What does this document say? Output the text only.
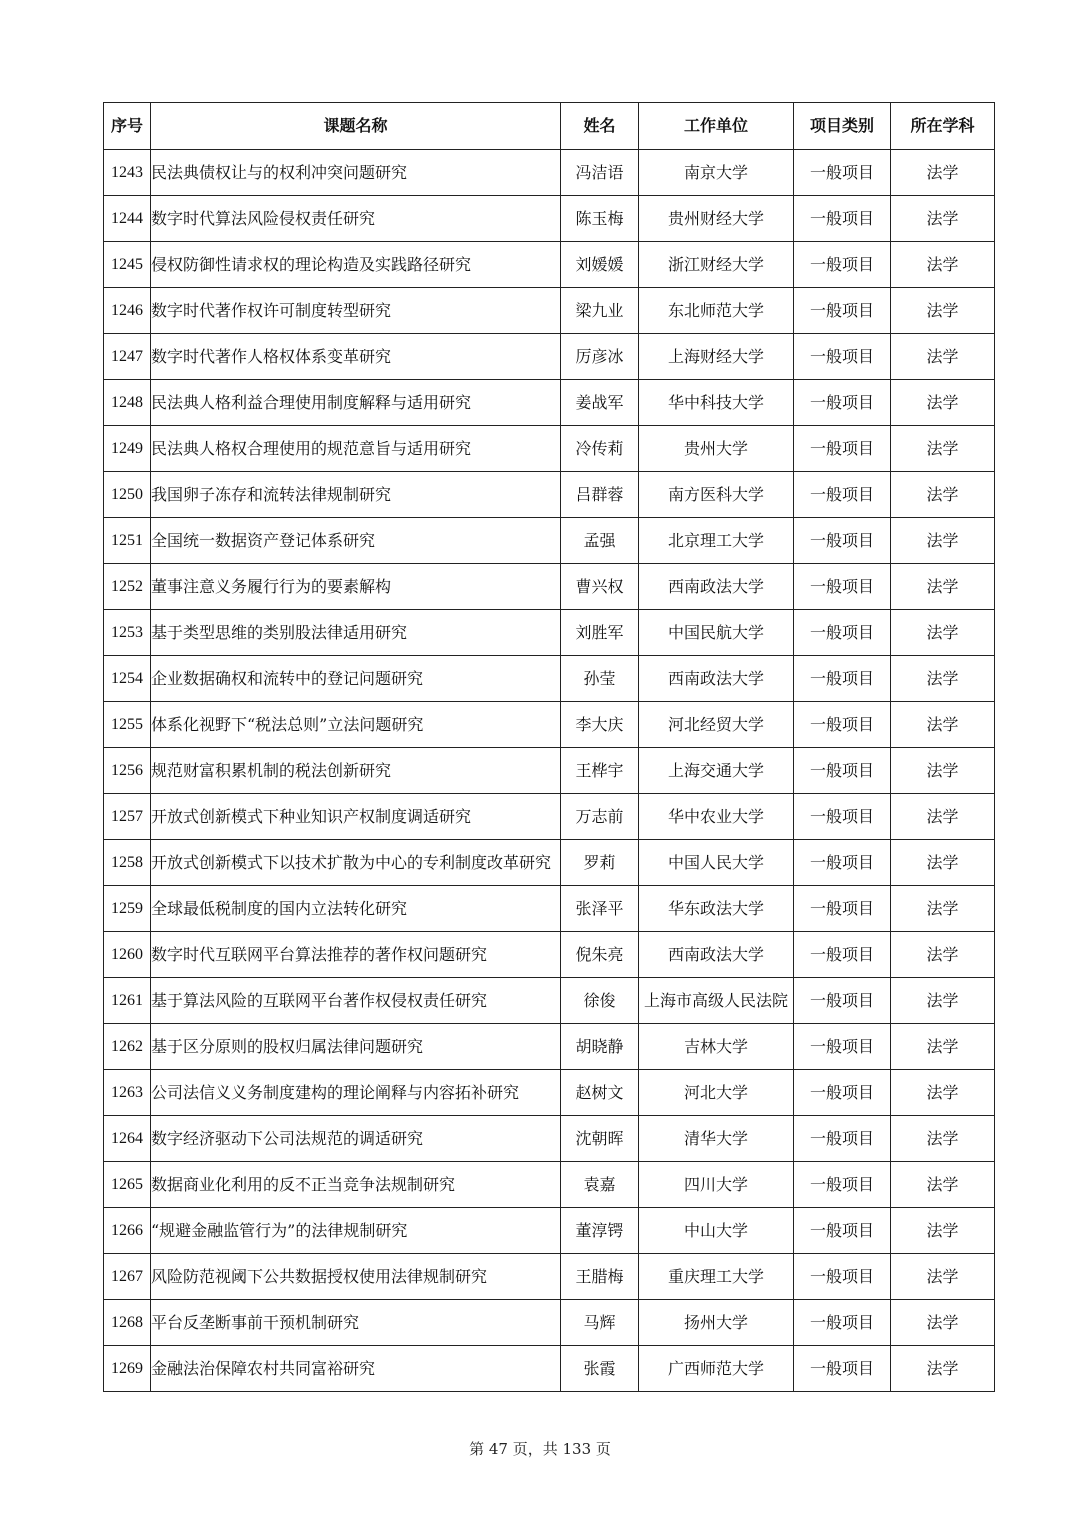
序号	课题名称	姓名	工作单位	项目类别	所在学科
1243	民法典债权让与的权利冲突问题研究	冯洁语	南京大学	一般项目	法学
1244	数字时代算法风险侵权责任研究	陈玉梅	贵州财经大学	一般项目	法学
1245	侵权防御性请求权的理论构造及实践路径研究	刘媛媛	浙江财经大学	一般项目	法学
1246	数字时代著作权许可制度转型研究	梁九业	东北师范大学	一般项目	法学
1247	数字时代著作人格权体系变革研究	厉彦冰	上海财经大学	一般项目	法学
1248	民法典人格利益合理使用制度解释与适用研究	姜战军	华中科技大学	一般项目	法学
1249	民法典人格权合理使用的规范意旨与适用研究	冷传莉	贵州大学	一般项目	法学
1250	我国卵子冻存和流转法律规制研究	吕群蓉	南方医科大学	一般项目	法学
1251	全国统一数据资产登记体系研究	孟强	北京理工大学	一般项目	法学
1252	董事注意义务履行行为的要素解构	曹兴权	西南政法大学	一般项目	法学
1253	基于类型思维的类别股法律适用研究	刘胜军	中国民航大学	一般项目	法学
1254	企业数据确权和流转中的登记问题研究	孙莹	西南政法大学	一般项目	法学
1255	体系化视野下“税法总则”立法问题研究	李大庆	河北经贸大学	一般项目	法学
1256	规范财富积累机制的税法创新研究	王桦宇	上海交通大学	一般项目	法学
1257	开放式创新模式下种业知识产权制度调适研究	万志前	华中农业大学	一般项目	法学
1258	开放式创新模式下以技术扩散为中心的专利制度改革研究	罗莉	中国人民大学	一般项目	法学
1259	全球最低税制度的国内立法转化研究	张泽平	华东政法大学	一般项目	法学
1260	数字时代互联网平台算法推荐的著作权问题研究	倪朱亮	西南政法大学	一般项目	法学
1261	基于算法风险的互联网平台著作权侵权责任研究	徐俊	上海市高级人民法院	一般项目	法学
1262	基于区分原则的股权归属法律问题研究	胡晓静	吉林大学	一般项目	法学
1263	公司法信义义务制度建构的理论阐释与内容拓补研究	赵树文	河北大学	一般项目	法学
1264	数字经济驱动下公司法规范的调适研究	沈朝晖	清华大学	一般项目	法学
1265	数据商业化利用的反不正当竞争法规制研究	袁嘉	四川大学	一般项目	法学
1266	“规避金融监管行为”的法律规制研究	董淳锷	中山大学	一般项目	法学
1267	风险防范视阈下公共数据授权使用法律规制研究	王腊梅	重庆理工大学	一般项目	法学
1268	平台反垄断事前干预机制研究	马辉	扬州大学	一般项目	法学
1269	金融法治保障农村共同富裕研究	张霞	广西师范大学	一般项目	法学
第 47 页，共 133 页
